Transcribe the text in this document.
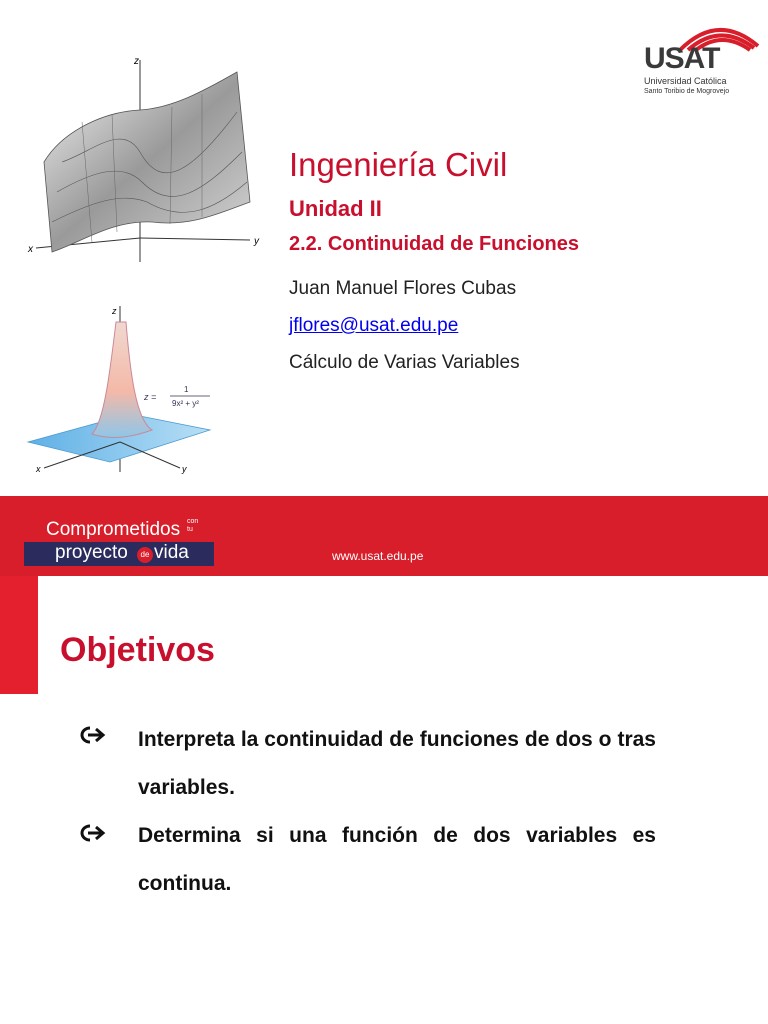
USAT
Universidad Católica
Santo Toribio de Mogrovejo
z
x
y
z
x	y
z =
1
9x² + y²
Ingeniería Civil
Unidad II
2.2. Continuidad de Funciones
Juan Manuel Flores Cubas
jflores@usat.edu.pe
Cálculo de Varias Variables
Comprometidos con
tu
proyecto	de vida	www.usat.edu.pe
Objetivos
Interpreta la continuidad de funciones de dos o tras variables.
Determina si una función de dos variables es continua.
